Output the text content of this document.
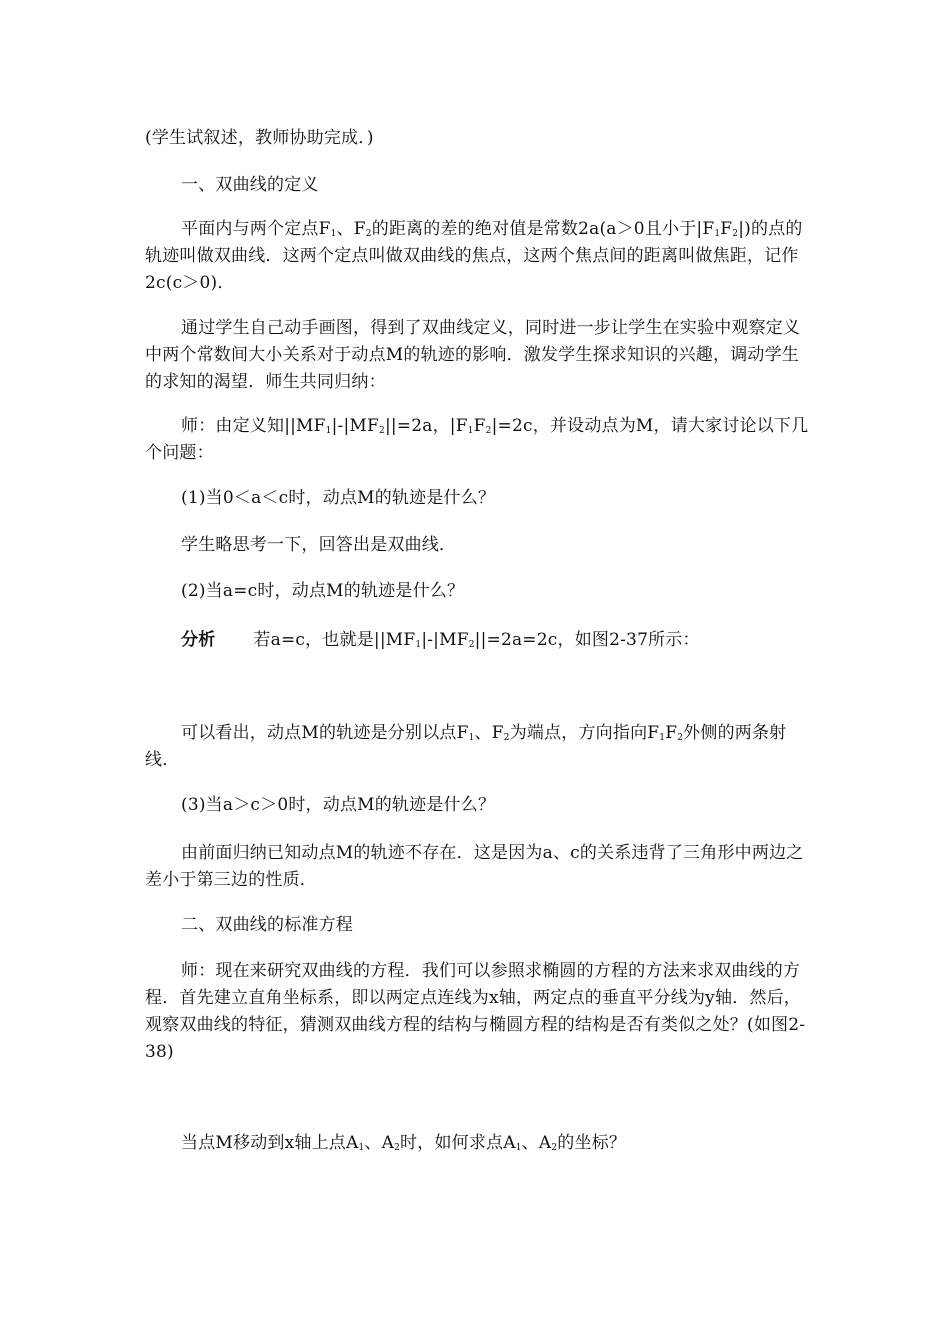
(学生试叙述，教师协助完成．)

一、双曲线的定义

平面内与两个定点$F_1$、$F_2$的距离的差的绝对值是常数2a(a＞0且小于$|F_1F_2|$)的点的轨迹叫做双曲线．这两个定点叫做双曲线的焦点，这两个焦点间的距离叫做焦距，记作2c(c＞0)．

通过学生自己动手画图，得到了双曲线定义，同时进一步让学生在实验中观察定义中两个常数间大小关系对于动点M的轨迹的影响．激发学生探求知识的兴趣，调动学生的求知的渴望．师生共同归纳：

师：由定义知$||MF_1|-|MF_2||=2a$，$|F_1F_2|=2c$，并设动点为M，请大家讨论以下几个问题：

(1)当0＜a＜c时，动点M的轨迹是什么？

学生略思考一下，回答出是双曲线．

(2)当a=c时，动点M的轨迹是什么？

分析 若a=c，也就是$||MF_1|-|MF_2||=2a=2c$，如图2-37所示：

可以看出，动点M的轨迹是分别以点$F_1$、$F_2$为端点，方向指向$F_1F_2$外侧的两条射线．

(3)当a＞c＞0时，动点M的轨迹是什么？

由前面归纳已知动点M的轨迹不存在．这是因为a、c的关系违背了三角形中两边之差小于第三边的性质．

二、双曲线的标准方程

师：现在来研究双曲线的方程．我们可以参照求椭圆的方程的方法来求双曲线的方程．首先建立直角坐标系，即以两定点连线为x轴，两定点的垂直平分线为y轴．然后，观察双曲线的特征，猜测双曲线方程的结构与椭圆方程的结构是否有类似之处？(如图2-38)

当点M移动到x轴上点$A_1$、$A_2$时，如何求点$A_1$、$A_2$的坐标？
